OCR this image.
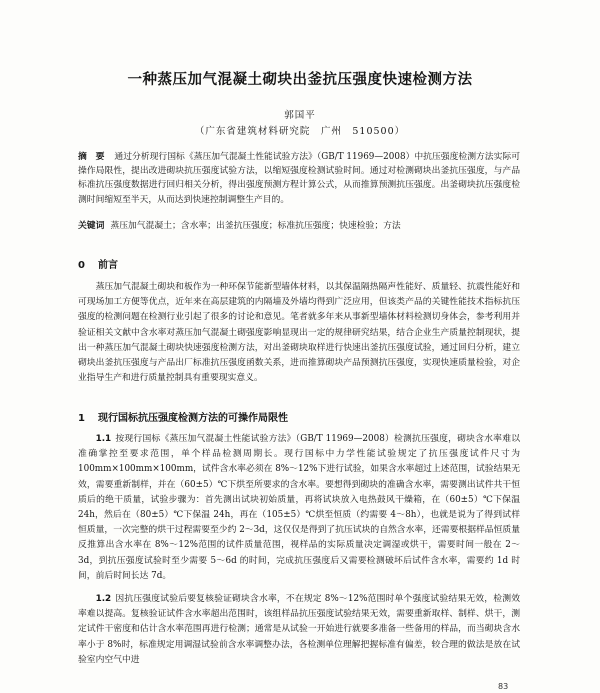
一种蒸压加气混凝土砌块出釜抗压强度快速检测方法
郭国平
（广东省建筑材料研究院　广州　510500）
摘　要 通过分析现行国标《蒸压加气混凝土性能试验方法》（GB/T 11969—2008）中抗压强度检测方法实际可操作局限性，提出改进砌块抗压强度试验方法，以缩短强度检测试验时间。通过对检测砌块出釜抗压强度，与产品标准抗压强度数据进行回归相关分析，得出强度预测方程计算公式，从而推算预测抗压强度。出釜砌块抗压强度检测时间缩短至半天，从而达到快速控制调整生产目的。
关键词 蒸压加气混凝土；含水率；出釜抗压强度；标准抗压强度；快速检验；方法
0 前言
蒸压加气混凝土砌块和板作为一种环保节能新型墙体材料，以其保温隔热隔声性能好、质量轻、抗震性能好和可现场加工方便等优点，近年来在高层建筑的内隔墙及外墙均得到广泛应用，但该类产品的关键性能技术指标抗压强度的检测问题在检测行业引起了很多的讨论和意见。笔者就多年来从事新型墙体材料检测切身体会，参考利用并验证相关文献中含水率对蒸压加气混凝土砌强度影响显现出一定的规律研究结果，结合企业生产质量控制现状，提出一种蒸压加气混凝土砌块快速强度检测方法，对出釜砌块取样进行快速出釜抗压强度试验，通过回归分析，建立砌块出釜抗压强度与产品出厂标准抗压强度函数关系，进而推算砌块产品预测抗压强度，实现快速质量检验，对企业指导生产和进行质量控制具有重要现实意义。
1 现行国标抗压强度检测方法的可操作局限性
1.1 按现行国标《蒸压加气混凝土性能试验方法》（GB/T 11969—2008）检测抗压强度，砌块含水率难以准确掌控至要求范围，单个样品检测周期长。现行国标中力学性能试验规定了抗压强度试件尺寸为 100mm×100mm×100mm，试件含水率必须在 8%～12%下进行试验，如果含水率超过上述范围，试验结果无效，需要重新制样，并在（60±5）℃下烘至所要求的含水率。要想得到砌块的准确含水率，需要测出试件共干恒质后的绝干质量，试验步骤为：首先测出试块初始质量，再将试块放入电热鼓风干燥箱，在（60±5）℃下保温 24h，然后在（80±5）℃下保温 24h，再在（105±5）℃烘至恒质（约需要 4～8h），也就是说为了得到试样恒质量，一次完整的烘干过程需要至少约 2～3d，这仅仅是得到了抗压试块的自然含水率，还需要根据样品恒质量反推算出含水率在 8%～12%范围的试件质量范围，视样品的实际质量决定调湿或烘干，需要时间一般在 2～3d，到抗压强度试验时至少需要 5～6d 的时间，完成抗压强度后又需要检测破坏后试件含水率，需要约 1d 时间，前后时间长达 7d。
1.2 因抗压强度试验后要复核验证砌块含水率，不在规定 8%～12%范围时单个强度试验结果无效，检测效率难以提高。复核验证试件含水率超出范围时，该组样品抗压强度试验结果无效，需要重新取样、制样、烘干，测定试件干密度和估计含水率范围再进行检测；通常是从试验一开始进行就要多准备一些备用的样品，而当砌块含水率小于 8%时，标准规定用调湿试验前含水率调整办法，各检测单位理解把握标准有偏差，较合理的做法是放在试验室内空气中进
83
